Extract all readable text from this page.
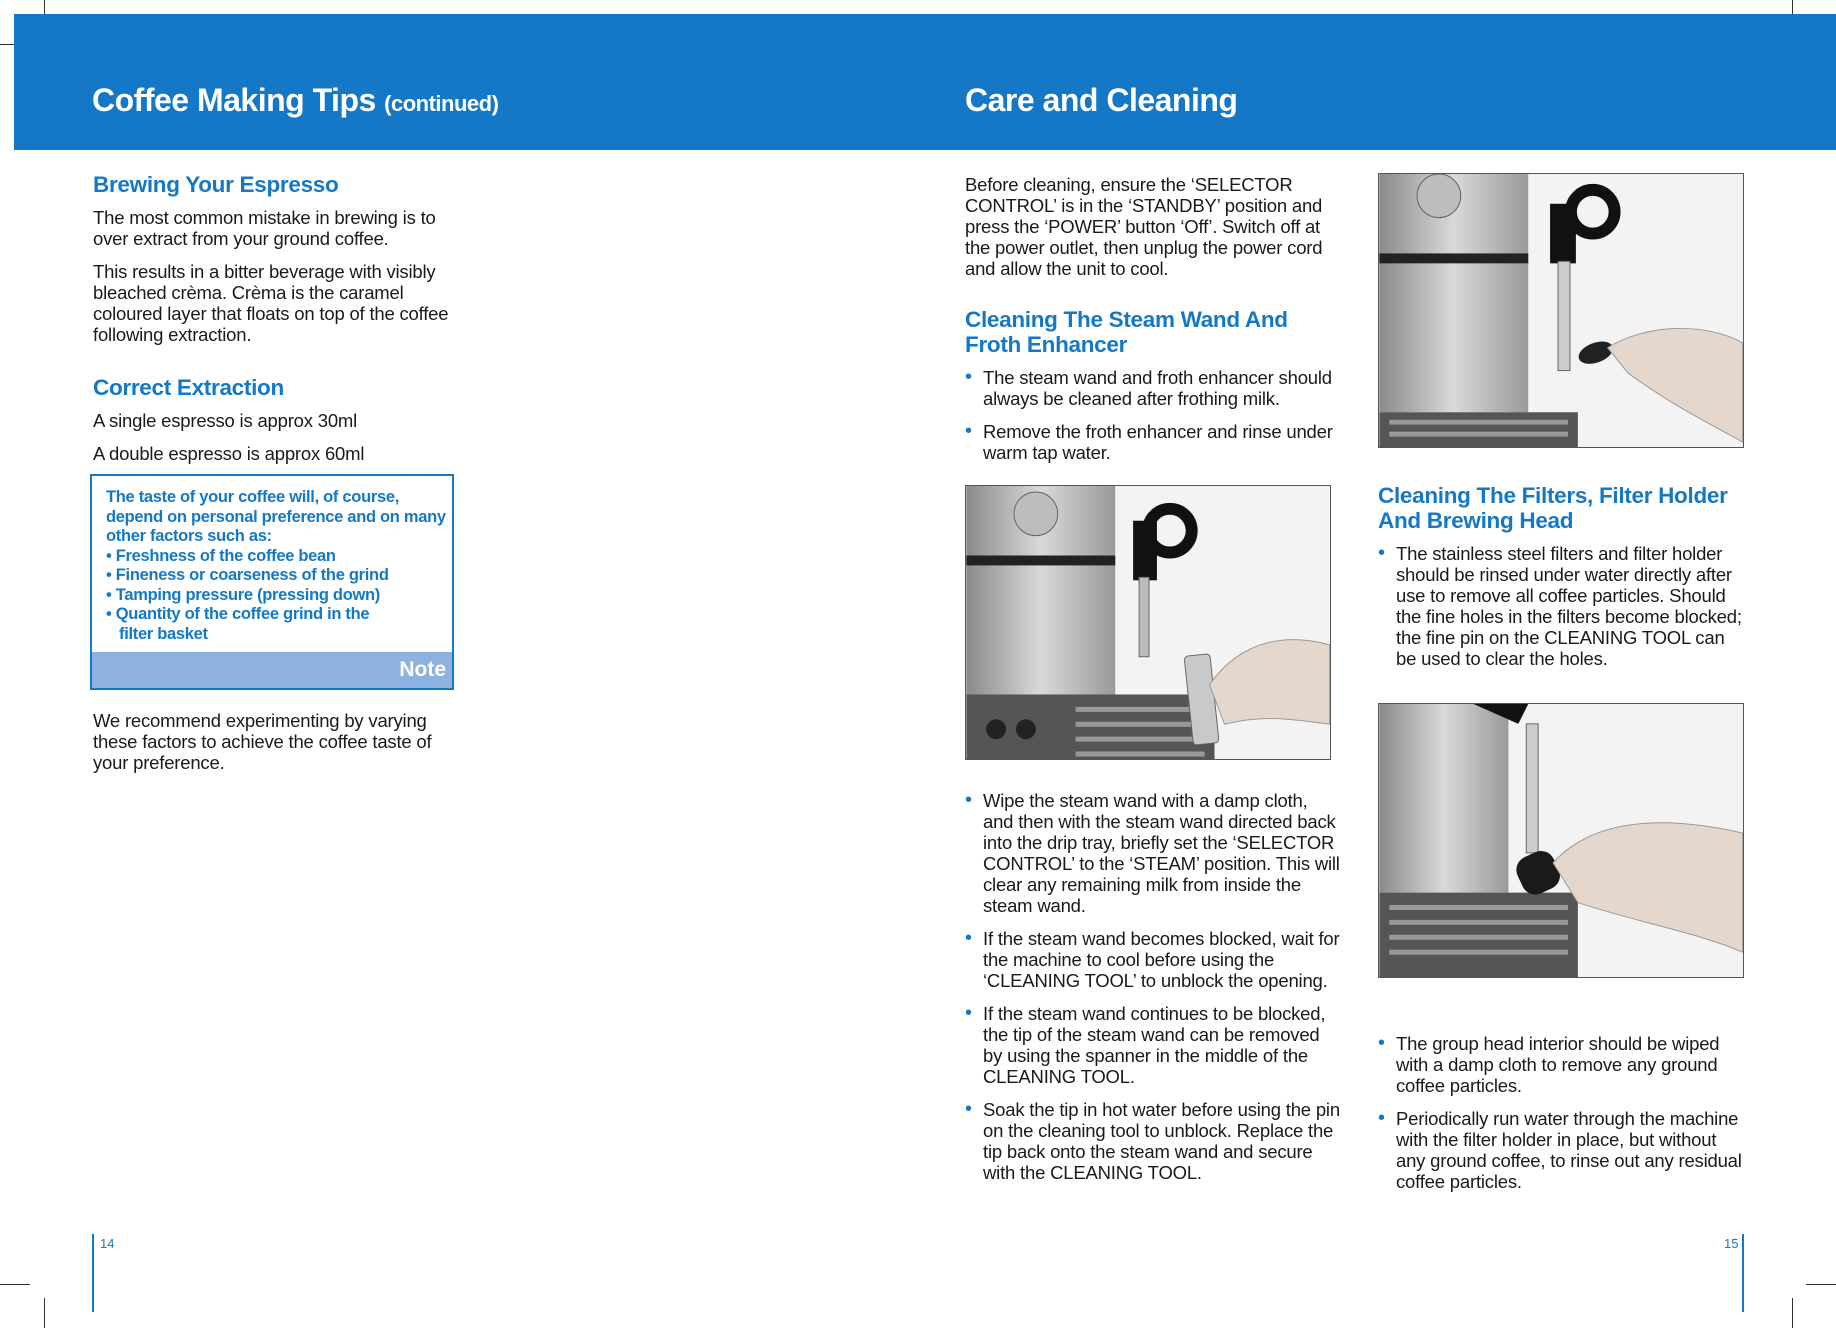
Coffee Making Tips (continued)	Care and Cleaning
Brewing Your Espresso

The most common mistake in brewing is to over extract from your ground coffee.

This results in a bitter beverage with visibly bleached crèma. Crèma is the caramel coloured layer that floats on top of the coffee following extraction.

Correct Extraction

A single espresso is approx 30ml

A double espresso is approx 60ml

The taste of your coffee will, of course, depend on personal preference and on many other factors such as:
• Freshness of the coffee bean
• Fineness or coarseness of the grind
• Tamping pressure (pressing down)
• Quantity of the coffee grind in the filter basket
Note

We recommend experimenting by varying these factors to achieve the coffee taste of your preference.

14

Before cleaning, ensure the ‘SELECTOR CONTROL’ is in the ‘STANDBY’ position and press the ‘POWER’ button ‘Off’. Switch off at the power outlet, then unplug the power cord and allow the unit to cool.

Cleaning The Steam Wand And Froth Enhancer
• The steam wand and froth enhancer should always be cleaned after frothing milk.
• Remove the froth enhancer and rinse under warm tap water.
• Wipe the steam wand with a damp cloth, and then with the steam wand directed back into the drip tray, briefly set the ‘SELECTOR CONTROL’ to the ‘STEAM’ position. This will clear any remaining milk from inside the steam wand.
• If the steam wand becomes blocked, wait for the machine to cool before using the ‘CLEANING TOOL’ to unblock the opening.
• If the steam wand continues to be blocked, the tip of the steam wand can be removed by using the spanner in the middle of the CLEANING TOOL.
• Soak the tip in hot water before using the pin on the cleaning tool to unblock. Replace the tip back onto the steam wand and secure with the CLEANING TOOL.
Cleaning The Filters, Filter Holder And Brewing Head
• The stainless steel filters and filter holder should be rinsed under water directly after use to remove all coffee particles. Should the fine holes in the filters become blocked; the fine pin on the CLEANING TOOL can be used to clear the holes.
• The group head interior should be wiped with a damp cloth to remove any ground coffee particles.
• Periodically run water through the machine with the filter holder in place, but without any ground coffee, to rinse out any residual coffee particles.
15
